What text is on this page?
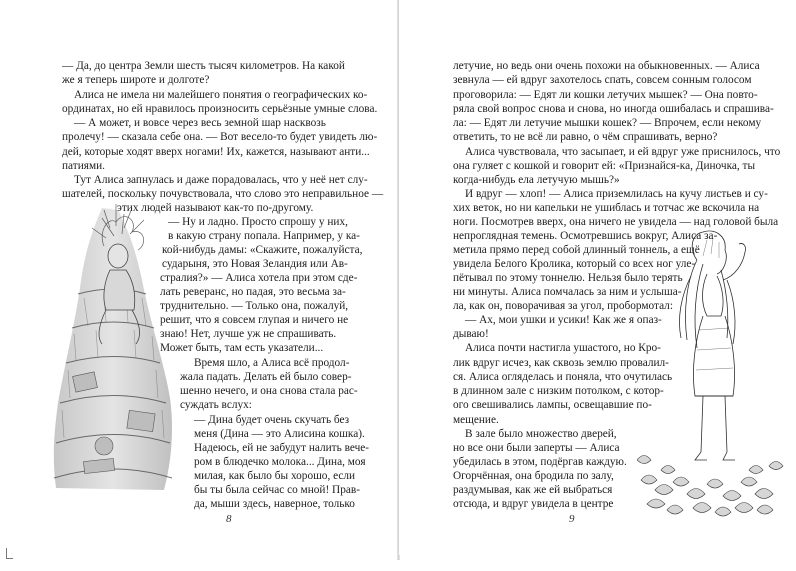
— Да, до центра Земли шесть тысяч километров. На какой
же я теперь широте и долготе?
Алиса не имела ни малейшего понятия о географических ко-
ординатах, но ей нравилось произносить серьёзные умные слова.
— А может, и вовсе через весь земной шар насквозь
пролечу! — сказала себе она. — Вот весело-то будет увидеть лю-
дей, которые ходят вверх ногами! Их, кажется, называют анти...
патиями.
Тут Алиса запнулась и даже порадовалась, что у неё нет слу-
шателей, поскольку почувствовала, что слово это неправильное —
этих людей называют как-то по-другому.
— Ну и ладно. Просто спрошу у них,
в какую страну попала. Например, у ка-
кой-нибудь дамы: «Скажите, пожалуйста,
сударыня, это Новая Зеландия или Ав-
стралия?» — Алиса хотела при этом сде-
лать реверанс, но падая, это весьма за-
труднительно. — Только она, пожалуй,
решит, что я совсем глупая и ничего не
знаю! Нет, лучше уж не спрашивать.
Может быть, там есть указатели...
Время шло, а Алиса всё продол-
жала падать. Делать ей было совер-
шенно нечего, и она снова стала рас-
суждать вслух:
— Дина будет очень скучать без
меня (Дина — это Алисина кошка).
Надеюсь, ей не забудут налить вече-
ром в блюдечко молока... Дина, моя
милая, как было бы хорошо, если
бы ты была сейчас со мной! Прав-
да, мыши здесь, наверное, только
8
летучие, но ведь они очень похожи на обыкновенных. — Алиса
зевнула — ей вдруг захотелось спать, совсем сонным голосом
проговорила: — Едят ли кошки летучих мышек? — Она повто-
ряла свой вопрос снова и снова, но иногда ошибалась и спрашива-
ла: — Едят ли летучие мышки кошек? — Впрочем, если некому
ответить, то не всё ли равно, о чём спрашивать, верно?
Алиса чувствовала, что засыпает, и ей вдруг уже приснилось, что
она гуляет с кошкой и говорит ей: «Признайся-ка, Диночка, ты
когда-нибудь ела летучую мышь?»
И вдруг — хлоп! — Алиса приземлилась на кучу листьев и су-
хих веток, но ни капельки не ушиблась и тотчас же вскочила на
ноги. Посмотрев вверх, она ничего не увидела — над головой была
непроглядная темень. Осмотревшись вокруг, Алиса за-
метила прямо перед собой длинный тоннель, а ещё
увидела Белого Кролика, который со всех ног уле-
пётывал по этому тоннелю. Нельзя было терять
ни минуты. Алиса помчалась за ним и услыша-
ла, как он, поворачивая за угол, пробормотал:
— Ах, мои ушки и усики! Как же я опаз-
дываю!
Алиса почти настигла ушастого, но Кро-
лик вдруг исчез, как сквозь землю провалил-
ся. Алиса огляделась и поняла, что очутилась
в длинном зале с низким потолком, с котор-
ого свешивались лампы, освещавшие по-
мещение.
В зале было множество дверей,
но все они были заперты — Алиса
убедилась в этом, подёргав каждую.
Огорчённая, она бродила по залу,
раздумывая, как же ей выбраться
отсюда, и вдруг увидела в центре
9
